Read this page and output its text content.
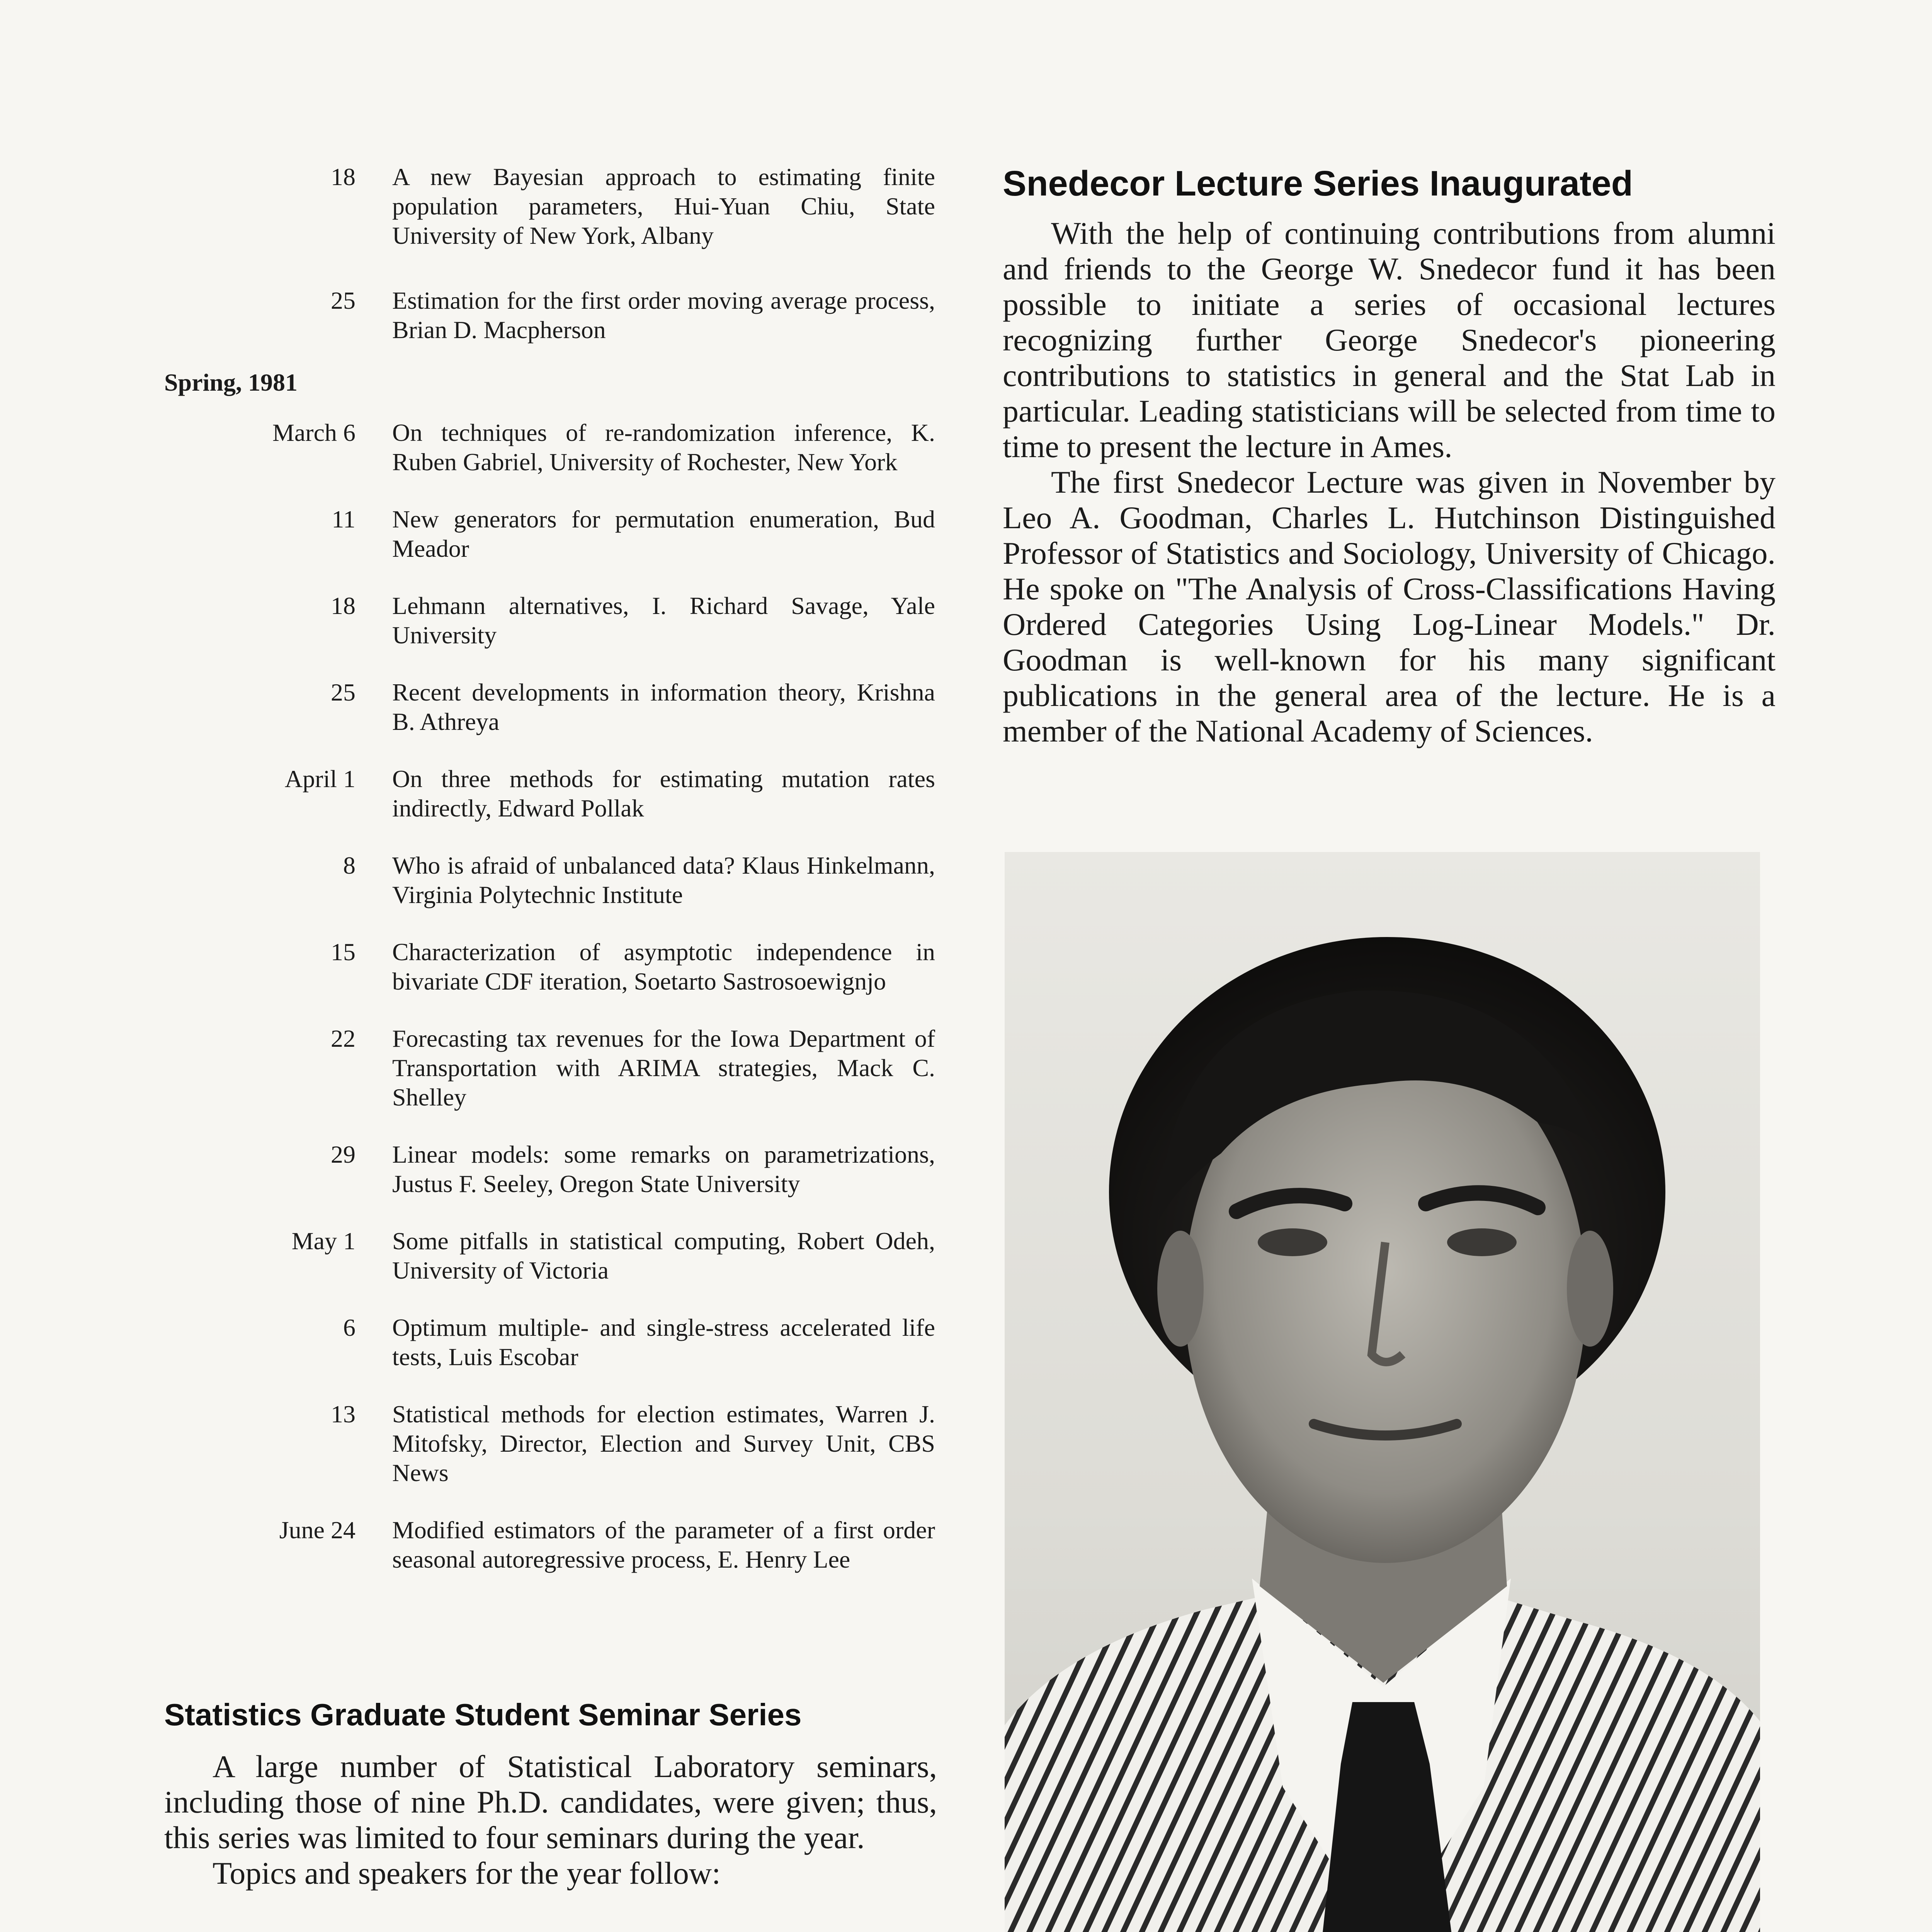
18 A new Bayesian approach to estimating finite population parameters, Hui-Yuan Chiu, State University of New York, Albany
25 Estimation for the first order moving average process, Brian D. Macpherson
Spring, 1981
March 6 On techniques of re-randomization inference, K. Ruben Gabriel, University of Rochester, New York
11 New generators for permutation enumeration, Bud Meador
18 Lehmann alternatives, I. Richard Savage, Yale University
25 Recent developments in information theory, Krishna B. Athreya
April 1 On three methods for estimating mutation rates indirectly, Edward Pollak
8 Who is afraid of unbalanced data? Klaus Hinkelmann, Virginia Polytechnic Institute
15 Characterization of asymptotic independence in bivariate CDF iteration, Soetarto Sastrosoewignjo
22 Forecasting tax revenues for the Iowa Department of Transportation with ARIMA strategies, Mack C. Shelley
29 Linear models: some remarks on parametrizations, Justus F. Seeley, Oregon State University
May 1 Some pitfalls in statistical computing, Robert Odeh, University of Victoria
6 Optimum multiple- and single-stress accelerated life tests, Luis Escobar
13 Statistical methods for election estimates, Warren J. Mitofsky, Director, Election and Survey Unit, CBS News
June 24 Modified estimators of the parameter of a first order seasonal autoregressive process, E. Henry Lee
Statistics Graduate Student Seminar Series

A large number of Statistical Laboratory seminars, including those of nine Ph.D. candidates, were given; thus, this series was limited to four seminars during the year.

Topics and speakers for the year follow:

Snedecor Lecture Series Inaugurated

With the help of continuing contributions from alumni and friends to the George W. Snedecor fund it has been possible to initiate a series of occasional lectures recognizing further George Snedecor's pioneering contributions to statistics in general and the Stat Lab in particular. Leading statisticians will be selected from time to time to present the lecture in Ames.

The first Snedecor Lecture was given in November by Leo A. Goodman, Charles L. Hutchinson Distinguished Professor of Statistics and Sociology, University of Chicago. He spoke on "The Analysis of Cross-Classifications Having Ordered Categories Using Log-Linear Models." Dr. Goodman is well-known for his many significant publications in the general area of the lecture. He is a member of the National Academy of Sciences.
